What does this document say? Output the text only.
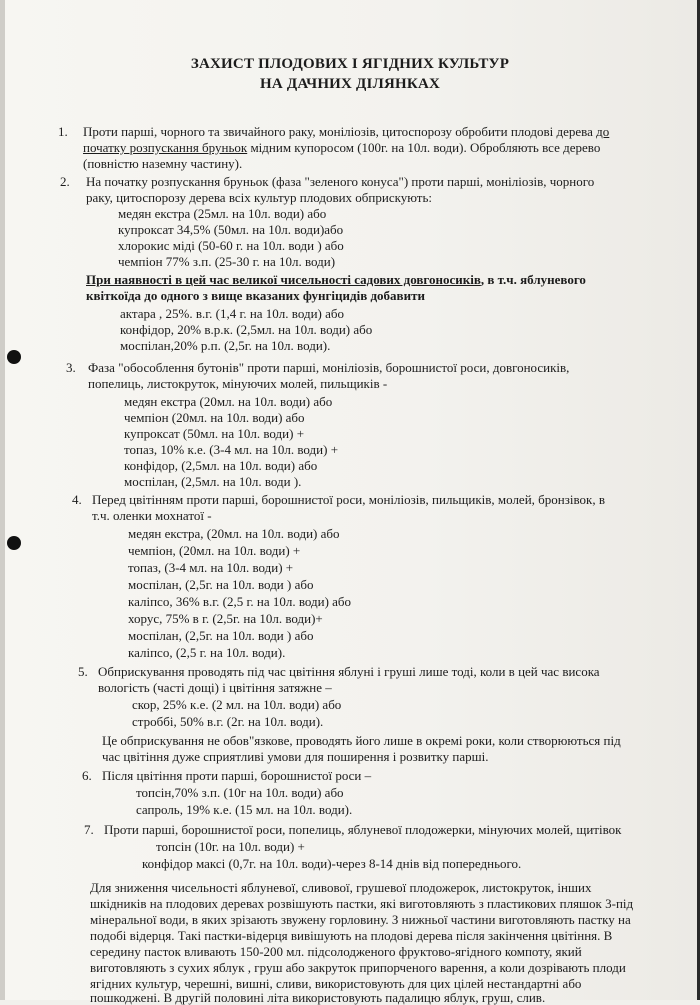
ЗАХИСТ ПЛОДОВИХ І ЯГІДНИХ КУЛЬТУР
НА ДАЧНИХ ДІЛЯНКАХ
1. Проти парші, чорного та звичайного раку, моніліозів, цитоспорозу обробити плодові дерева до
початку розпускання бруньок мідним купоросом (100г. на 10л. води). Обробляють все дерево
(повністю наземну частину).
2. На початку розпускання бруньок (фаза "зеленого конуса") проти парші, моніліозів, чорного
раку, цитоспорозу дерева всіх культур плодових обприскують:
медян екстра (25мл. на 10л. води) або
купроксат 34,5% (50мл. на 10л. води)або
хлорокис міді (50-60 г. на 10л. води ) або
чемпіон 77% з.п. (25-30 г. на 10л. води)
При наявності в цей час великої чисельності садових довгоносиків, в т.ч. яблуневого
квіткоїда до одного з вище вказаних фунгіцидів добавити
актара , 25%. в.г. (1,4 г. на 10л. води) або
конфідор, 20% в.р.к. (2,5мл. на 10л. води) або
моспілан,20% р.п. (2,5г. на 10л. води).
3. Фаза "обособлення бутонів" проти парші, моніліозів, борошнистої роси, довгоносиків,
попелиць, листокруток, мінуючих молей, пильщиків -
медян екстра (20мл. на 10л. води) або
чемпіон (20мл. на 10л. води) або
купроксат (50мл. на 10л. води) +
топаз, 10% к.е. (3-4 мл. на 10л. води) +
конфідор, (2,5мл. на 10л. води) або
моспілан, (2,5мл. на 10л. води ).
4. Перед цвітінням проти парші, борошнистої роси, моніліозів, пильщиків, молей, бронзівок, в
т.ч. оленки мохнатої -
медян екстра, (20мл. на 10л. води) або
чемпіон, (20мл. на 10л. води) +
топаз, (3-4 мл. на 10л. води) +
моспілан, (2,5г. на 10л. води ) або
каліпсо, 36% в.г. (2,5 г. на 10л. води) або
хорус, 75% в г. (2,5г. на 10л. води)+
моспілан, (2,5г. на 10л. води ) або
каліпсо, (2,5 г. на 10л. води).
5. Обприскування проводять під час цвітіння яблуні і груші лише тоді, коли в цей час висока
вологість (часті дощі) і цвітіння затяжне –
скор, 25% к.е. (2 мл. на 10л. води) або
строббі, 50% в.г. (2г. на 10л. води).
Це обприскування не обов"язкове, проводять його лише в окремі роки, коли створюються під
час цвітіння дуже сприятливі умови для поширення і розвитку парші.
6. Після цвітіння проти парші, борошнистої роси –
топсін,70% з.п. (10г на 10л. води) або
сапроль, 19% к.е. (15 мл. на 10л. води).
7. Проти парші, борошнистої роси, попелиць, яблуневої плодожерки, мінуючих молей, щитівок
топсін (10г. на 10л. води) +
конфідор максі (0,7г. на 10л. води)-через 8-14 днів від попереднього.
Для зниження чисельності яблуневої, сливової, грушевої плодожерок, листокруток, інших
шкідників на плодових деревах розвішують пастки, які виготовляють з пластикових пляшок 3-під
мінеральної води, в яких зрізають звужену горловину. З нижньої частини виготовляють пастку на
подобі відерця. Такі пастки-відерця вивішують на плодові дерева після закінчення цвітіння. В
середину пасток вливають 150-200 мл. підсолодженого фруктово-ягідного компоту, який
виготовляють з сухих яблук , груш або закруток припорченого варення, а коли дозрівають плоди
ягідних культур, черешні, вишні, сливи, використовують для цих цілей нестандартні або
пошкоджені. В другій половині літа використовують падалицю яблук, груш, слив.
